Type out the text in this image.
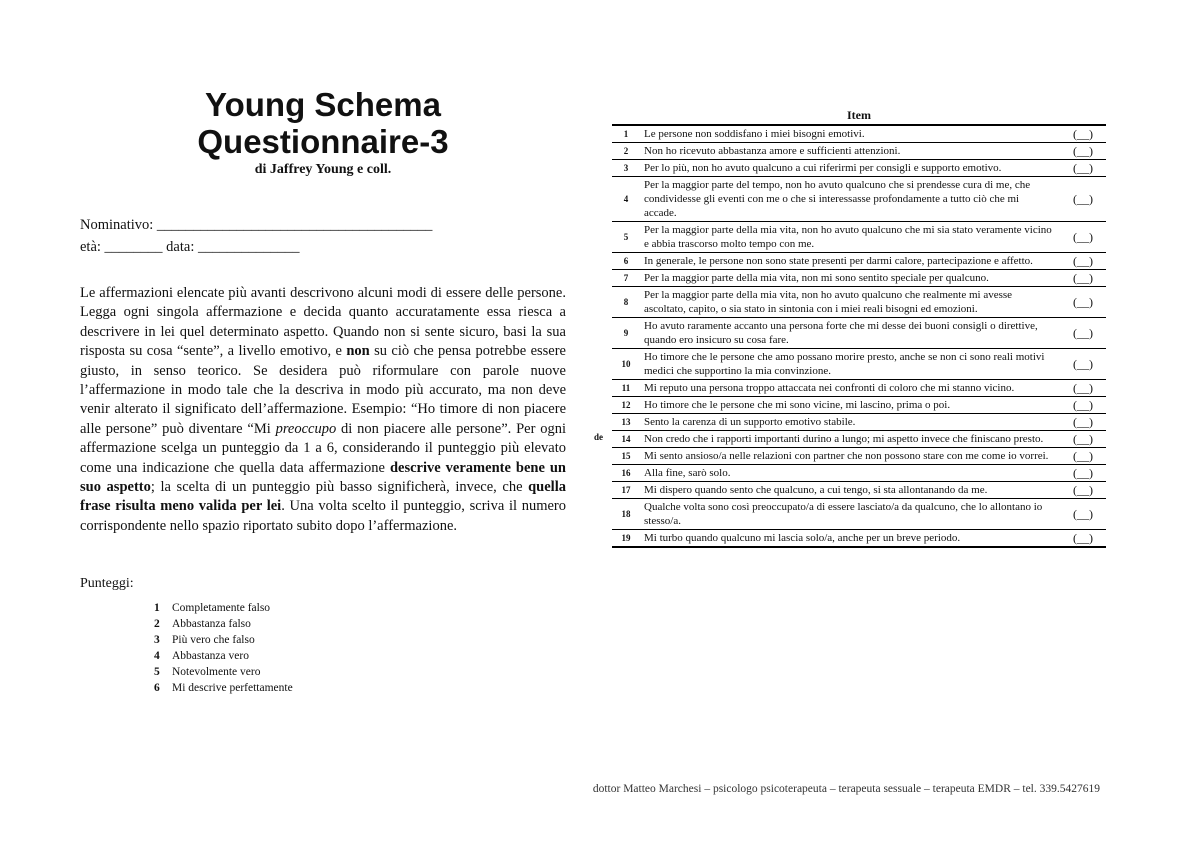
Young Schema
Questionnaire-3
di Jaffrey Young e coll.
Nominativo: ______________________________________
età: ________ data: ______________
Le affermazioni elencate più avanti descrivono alcuni modi di essere delle persone. Legga ogni singola affermazione e decida quanto accuratamente essa riesca a descrivere in lei quel determinato aspetto. Quando non si sente sicuro, basi la sua risposta su cosa “sente”, a livello emotivo, e non su ciò che pensa potrebbe essere giusto, in senso teorico. Se desidera può riformulare con parole nuove l’affermazione in modo tale che la descriva in modo più accurato, ma non deve venir alterato il significato dell’affermazione. Esempio: “Ho timore di non piacere alle persone” può diventare “Mi preoccupo di non piacere alle persone”. Per ogni affermazione scelga un punteggio da 1 a 6, considerando il punteggio più elevato come una indicazione che quella data affermazione descrive veramente bene un suo aspetto; la scelta di un punteggio più basso significherà, invece, che quella frase risulta meno valida per lei. Una volta scelto il punteggio, scriva il numero corrispondente nello spazio riportato subito dopo l’affermazione.
Punteggi:
1	Completamente falso
2	Abbastanza falso
3	Più vero che falso
4	Abbastanza vero
5	Notevolmente vero
6	Mi descrive perfettamente
de
Item
1	Le persone non soddisfano i miei bisogni emotivi.	(__)
2	Non ho ricevuto abbastanza amore e sufficienti attenzioni.	(__)
3	Per lo più, non ho avuto qualcuno a cui riferirmi per consigli e supporto emotivo.	(__)
4	Per la maggior parte del tempo, non ho avuto qualcuno che si prendesse cura di me, che condividesse gli eventi con me o che si interessasse profondamente a tutto ciò che mi accade.	(__)
5	Per la maggior parte della mia vita, non ho avuto qualcuno che mi sia stato veramente vicino e abbia trascorso molto tempo con me.	(__)
6	In generale, le persone non sono state presenti per darmi calore, partecipazione e affetto.	(__)
7	Per la maggior parte della mia vita, non mi sono sentito speciale per qualcuno.	(__)
8	Per la maggior parte della mia vita, non ho avuto qualcuno che realmente mi avesse ascoltato, capito, o sia stato in sintonia con i miei reali bisogni ed emozioni.	(__)
9	Ho avuto raramente accanto una persona forte che mi desse dei buoni consigli o direttive, quando ero insicuro su cosa fare.	(__)
10	Ho timore che le persone che amo possano morire presto, anche se non ci sono reali motivi medici che supportino la mia convinzione.	(__)
11	Mi reputo una persona troppo attaccata nei confronti di coloro che mi stanno vicino.	(__)
12	Ho timore che le persone che mi sono vicine, mi lascino, prima o poi.	(__)
13	Sento la carenza di un supporto emotivo stabile.	(__)
14	Non credo che i rapporti importanti durino a lungo; mi aspetto invece che finiscano presto.	(__)
15	Mi sento ansioso/a nelle relazioni con partner che non possono stare con me come io vorrei.	(__)
16	Alla fine, sarò solo.	(__)
17	Mi dispero quando sento che qualcuno, a cui tengo, si sta allontanando da me.	(__)
18	Qualche volta sono così preoccupato/a di essere lasciato/a da qualcuno, che lo allontano io stesso/a.	(__)
19	Mi turbo quando qualcuno mi lascia solo/a, anche per un breve periodo.	(__)
dottor Matteo Marchesi – psicologo psicoterapeuta – terapeuta sessuale – terapeuta EMDR – tel. 339.5427619
